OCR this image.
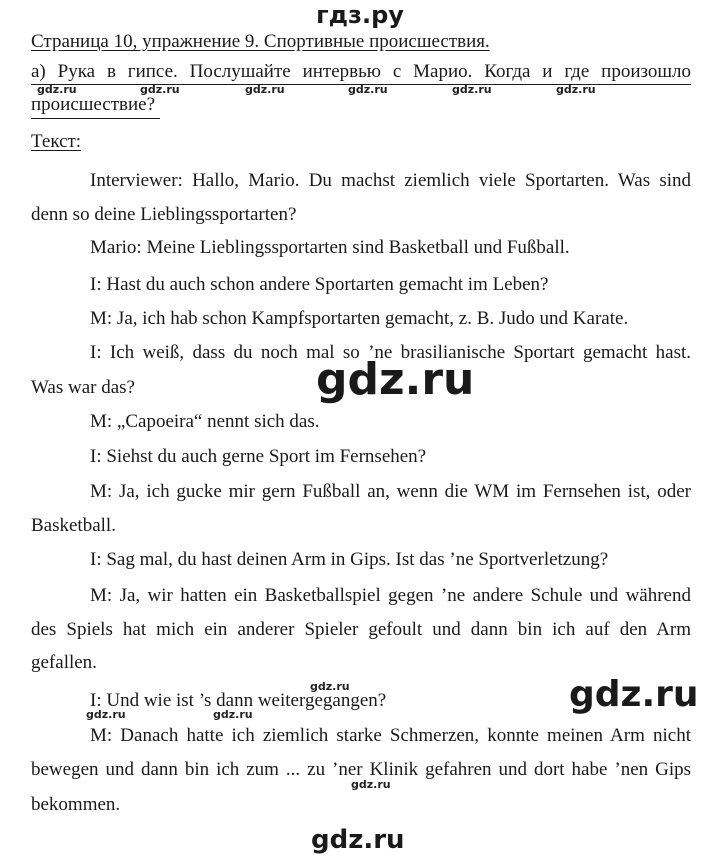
гдз.ру
Страница 10, упражнение 9. Спортивные происшествия.
а) Рука в гипсе. Послушайте интервью с Марио. Когда и где произошло
происшествие?
Текст:
Interviewer: Hallo, Mario. Du machst ziemlich viele Sportarten. Was sind
denn so deine Lieblingssportarten?
Mario: Meine Lieblingssportarten sind Basketball und Fußball.
I: Hast du auch schon andere Sportarten gemacht im Leben?
M: Ja, ich hab schon Kampfsportarten gemacht, z. B. Judo und Karate.
I: Ich weiß, dass du noch mal so ’ne brasilianische Sportart gemacht hast.
Was war das?
M: „Capoeira“ nennt sich das.
I: Siehst du auch gerne Sport im Fernsehen?
M: Ja, ich gucke mir gern Fußball an, wenn die WM im Fernsehen ist, oder
Basketball.
I: Sag mal, du hast deinen Arm in Gips. Ist das ’ne Sportverletzung?
M: Ja, wir hatten ein Basketballspiel gegen ’ne andere Schule und während
des Spiels hat mich ein anderer Spieler gefoult und dann bin ich auf den Arm
gefallen.
I: Und wie ist ’s dann weitergegangen?
M: Danach hatte ich ziemlich starke Schmerzen, konnte meinen Arm nicht
bewegen und dann bin ich zum ... zu ’ner Klinik gefahren und dort habe ’nen Gips
bekommen.
gdz.ru	gdz.ru	gdz.ru	gdz.ru	gdz.ru	gdz.ru
gdz.ru
gdz.ru	gdz.ru
gdz.ru
gdz.ru
gdz.ru
gdz.ru
